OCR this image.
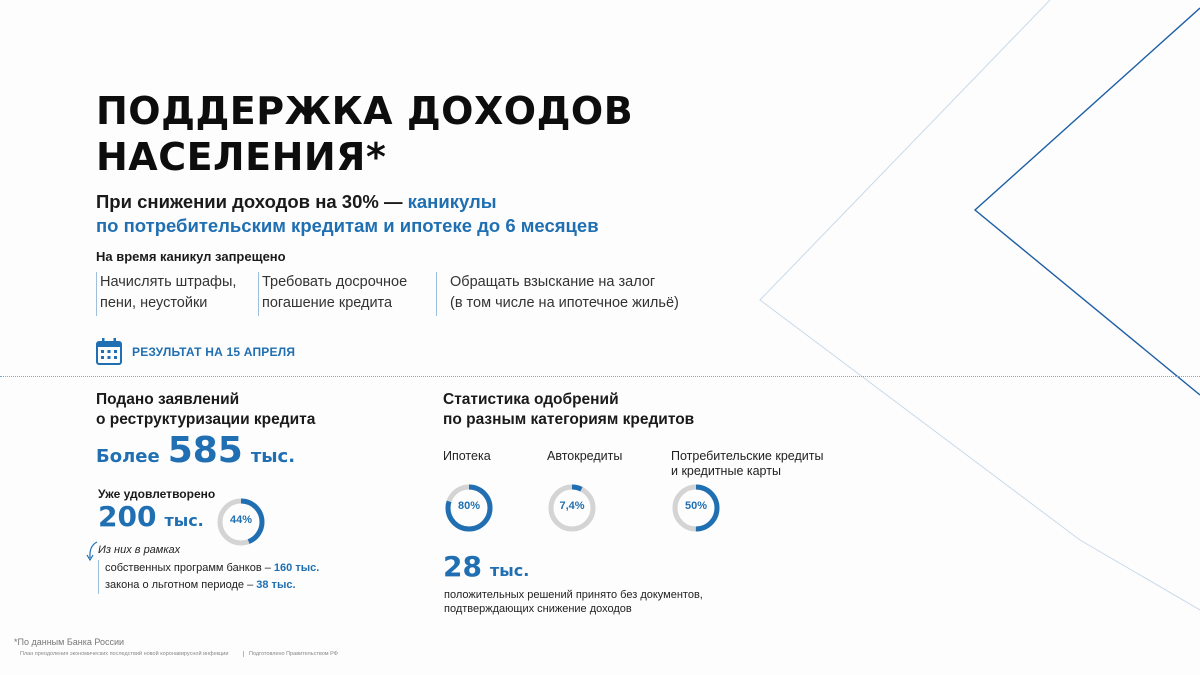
ПОДДЕРЖКА ДОХОДОВ
НАСЕЛЕНИЯ*
При снижении доходов на 30% — каникулы
по потребительским кредитам и ипотеке до 6 месяцев
На время каникул запрещено
Начислять штрафы,
пени, неустойки
Требовать досрочное
погашение кредита
Обращать взыскание на залог
(в том числе на ипотечное жильё)
РЕЗУЛЬТАТ НА 15 АПРЕЛЯ
Подано заявлений
о реструктуризации кредита
Более 585 тыс.
Уже удовлетворено
200 тыс.	44%
Из них в рамках
собственных программ банков – 160 тыс.
закона о льготном периоде – 38 тыс.
Статистика одобрений
по разным категориям кредитов
Ипотека	Автокредиты	Потребительские кредиты
и кредитные карты
80%	7,4%	50%
28 тыс.
положительных решений принято без документов,
подтверждающих снижение доходов
*По данным Банка России
План преодоления экономических последствий новой коронавирусной инфекции	Подготовлено Правительством РФ
